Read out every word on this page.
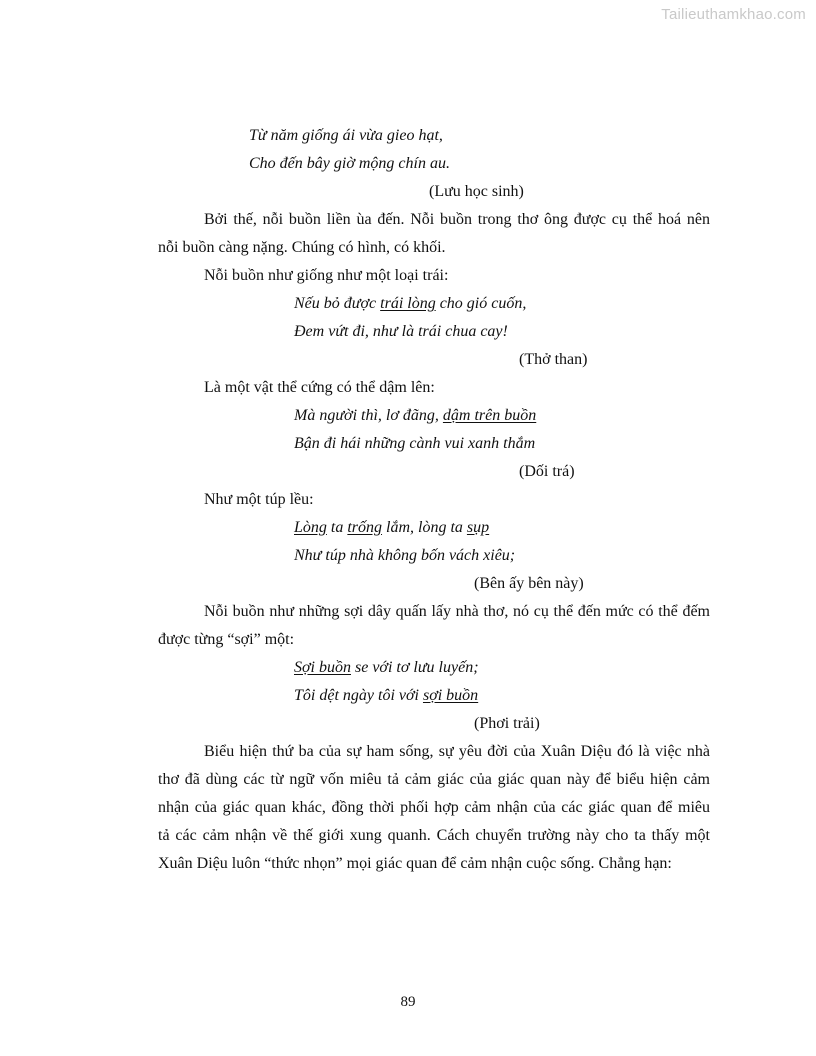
Tailieuthamkhao.com
Từ năm giống ái vừa gieo hạt,
Cho đến bây giờ mộng chín au.
(Lưu học sinh)
Bởi thế, nỗi buồn liền ùa đến. Nỗi buồn trong thơ ông được cụ thể hoá nên
nỗi buồn càng nặng. Chúng có hình, có khối.
Nỗi buồn như giống như một loại trái:
Nếu bỏ được trái lòng cho gió cuốn,
Đem vứt đi, như là trái chua cay!
(Thở than)
Là một vật thể cứng có thể dậm lên:
Mà người thì, lơ đãng, dậm trên buồn
Bận đi hái những cành vui xanh thắm
(Dối trá)
Như một túp lều:
Lòng ta trống lắm, lòng ta sụp
Như túp nhà không bốn vách xiêu;
(Bên ấy bên này)
Nỗi buồn như những sợi dây quấn lấy nhà thơ, nó cụ thể đến mức có thể đếm
được từng “sợi” một:
Sợi buồn se với tơ lưu luyến;
Tôi dệt ngày tôi với sợi buồn
(Phơi trải)
Biểu hiện thứ ba của sự ham sống, sự yêu đời của Xuân Diệu đó là việc nhà
thơ đã dùng các từ ngữ vốn miêu tả cảm giác của giác quan này để biểu hiện cảm
nhận của giác quan khác, đồng thời phối hợp cảm nhận của các giác quan để miêu
tả các cảm nhận về thế giới xung quanh. Cách chuyển trường này cho ta thấy một
Xuân Diệu luôn “thức nhọn” mọi giác quan để cảm nhận cuộc sống. Chẳng hạn:
89
